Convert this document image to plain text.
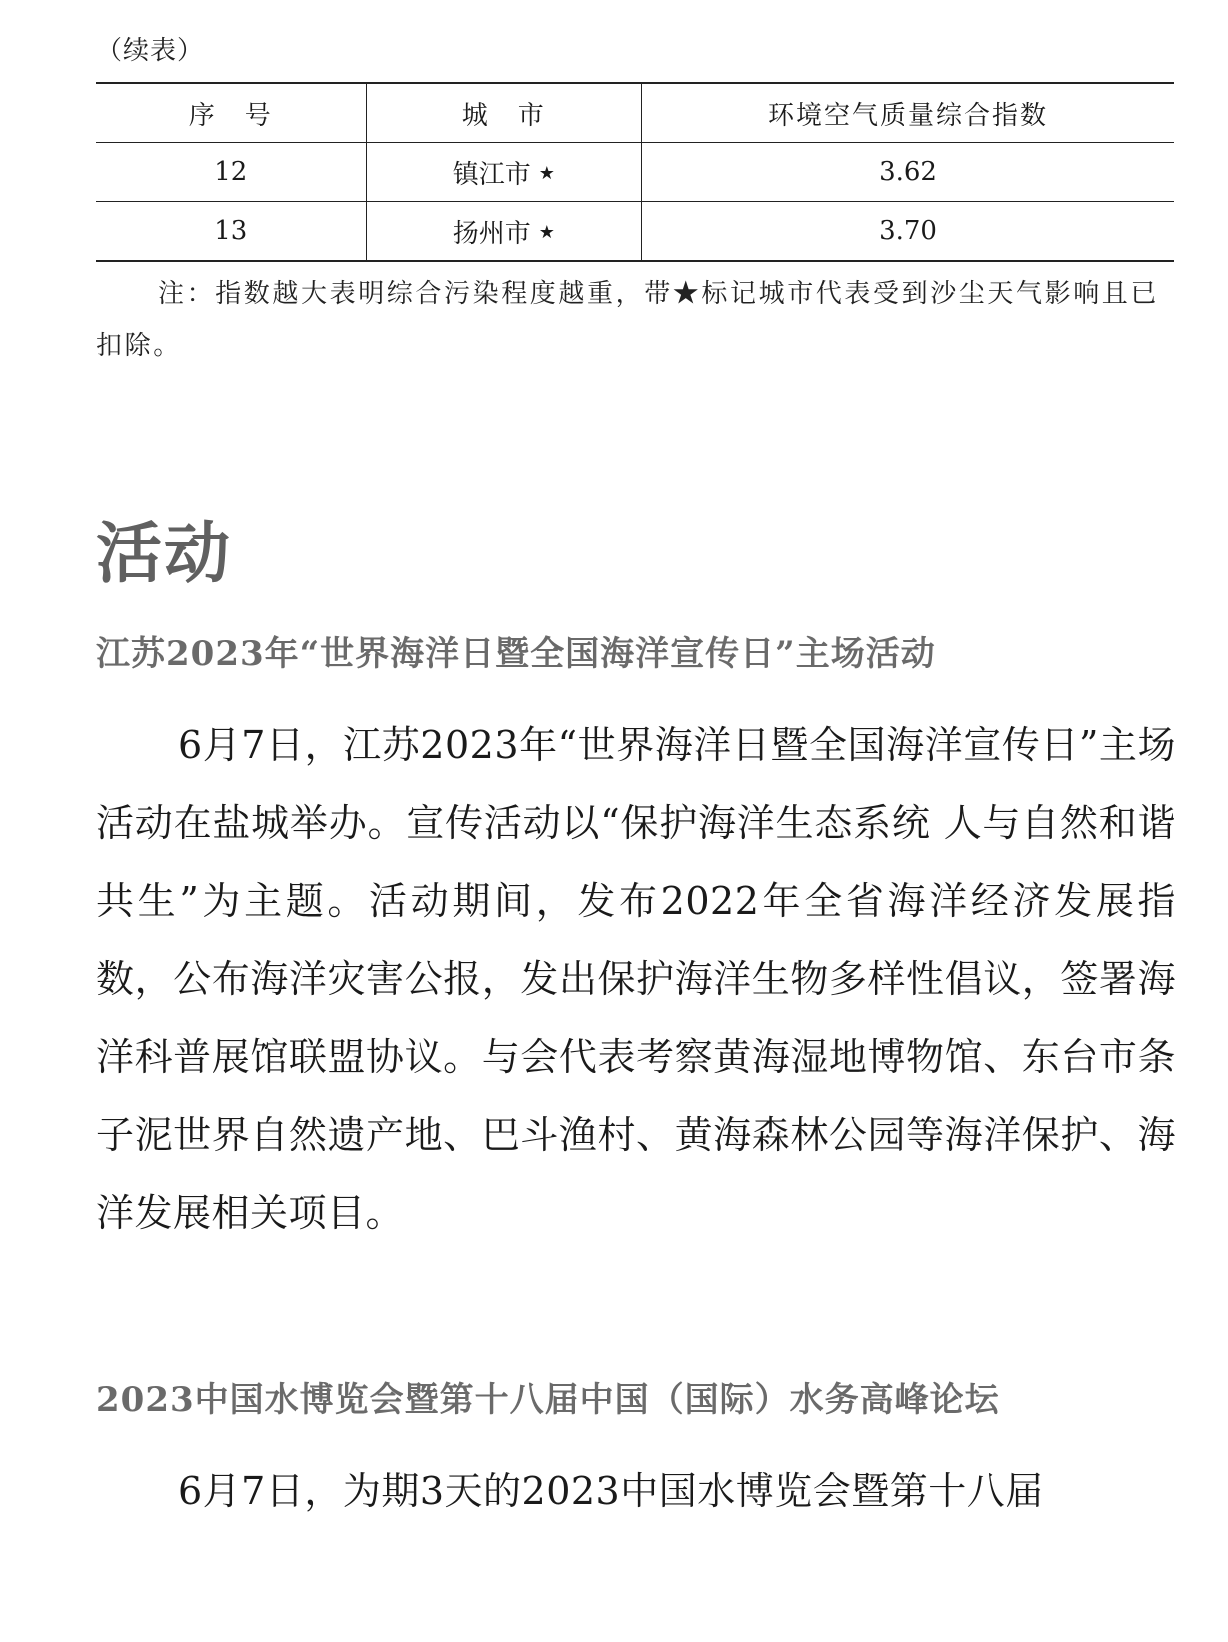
（续表）
序　号	城　市	环境空气质量综合指数
12	镇江市 ★	3.62
13	扬州市 ★	3.70
注：指数越大表明综合污染程度越重，带★标记城市代表受到沙尘天气影响且已扣除。
活动
江苏2023年“世界海洋日暨全国海洋宣传日”主场活动
6月7日，江苏2023年“世界海洋日暨全国海洋宣传日”主场活动在盐城举办。宣传活动以“保护海洋生态系统 人与自然和谐共生”为主题。活动期间，发布2022年全省海洋经济发展指数，公布海洋灾害公报，发出保护海洋生物多样性倡议，签署海洋科普展馆联盟协议。与会代表考察黄海湿地博物馆、东台市条子泥世界自然遗产地、巴斗渔村、黄海森林公园等海洋保护、海洋发展相关项目。
2023中国水博览会暨第十八届中国（国际）水务高峰论坛
6月7日，为期3天的2023中国水博览会暨第十八届
